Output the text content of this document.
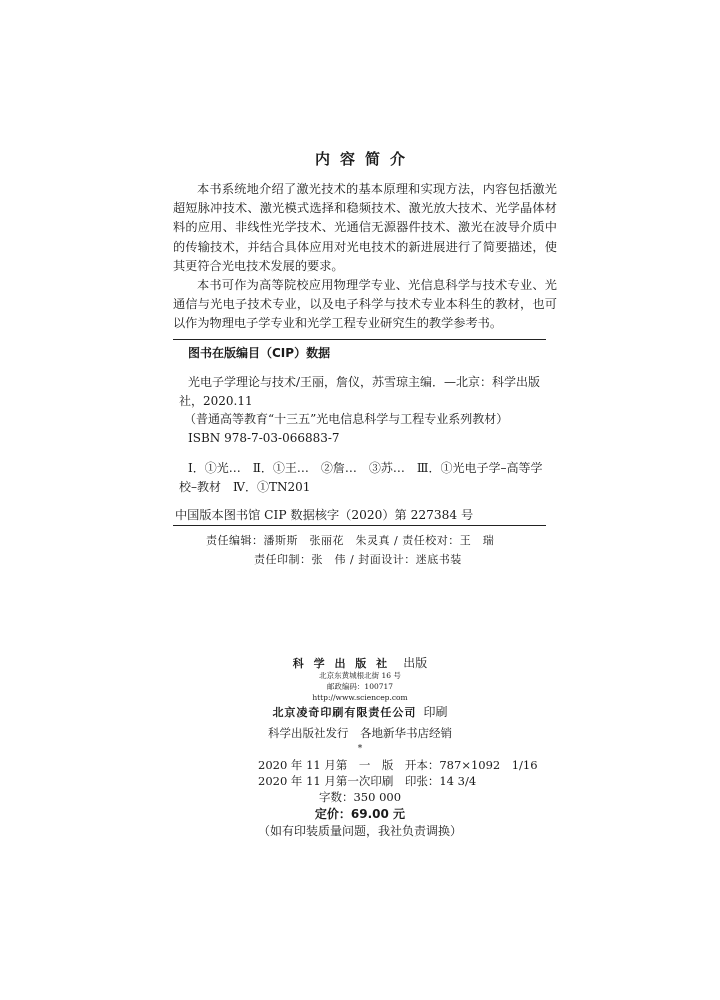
内容简介

本书系统地介绍了激光技术的基本原理和实现方法，内容包括激光超短脉冲技术、激光模式选择和稳频技术、激光放大技术、光学晶体材料的应用、非线性光学技术、光通信无源器件技术、激光在波导介质中的传输技术，并结合具体应用对光电技术的新进展进行了简要描述，使其更符合光电技术发展的要求。

本书可作为高等院校应用物理学专业、光信息科学与技术专业、光通信与光电子技术专业，以及电子科学与技术专业本科生的教材，也可以作为物理电子学专业和光学工程专业研究生的教学参考书。

图书在版编目（CIP）数据
光电子学理论与技术/王丽，詹仪，苏雪琼主编．—北京：科学出版
社，2020.11
（普通高等教育“十三五”光电信息科学与工程专业系列教材）
ISBN 978-7-03-066883-7
Ⅰ．①光…　Ⅱ．①王…　②詹…　③苏…　Ⅲ．①光电子学–高等学
校–教材　Ⅳ．①TN201
中国版本图书馆 CIP 数据核字（2020）第 227384 号
责任编辑：潘斯斯　张丽花　朱灵真 / 责任校对：王　瑞
责任印制：张　伟 / 封面设计：迷底书装
科 学 出 版 社 出版
北京东黄城根北街 16 号
邮政编码：100717
http://www.sciencep.com
北京凌奇印刷有限责任公司 印刷
科学出版社发行　各地新华书店经销
*
2020 年 11 月第　一　版　开本：787×1092　1/16
2020 年 11 月第一次印刷　印张：14 3/4
字数：350 000
定价：69.00 元
（如有印装质量问题，我社负责调换）
